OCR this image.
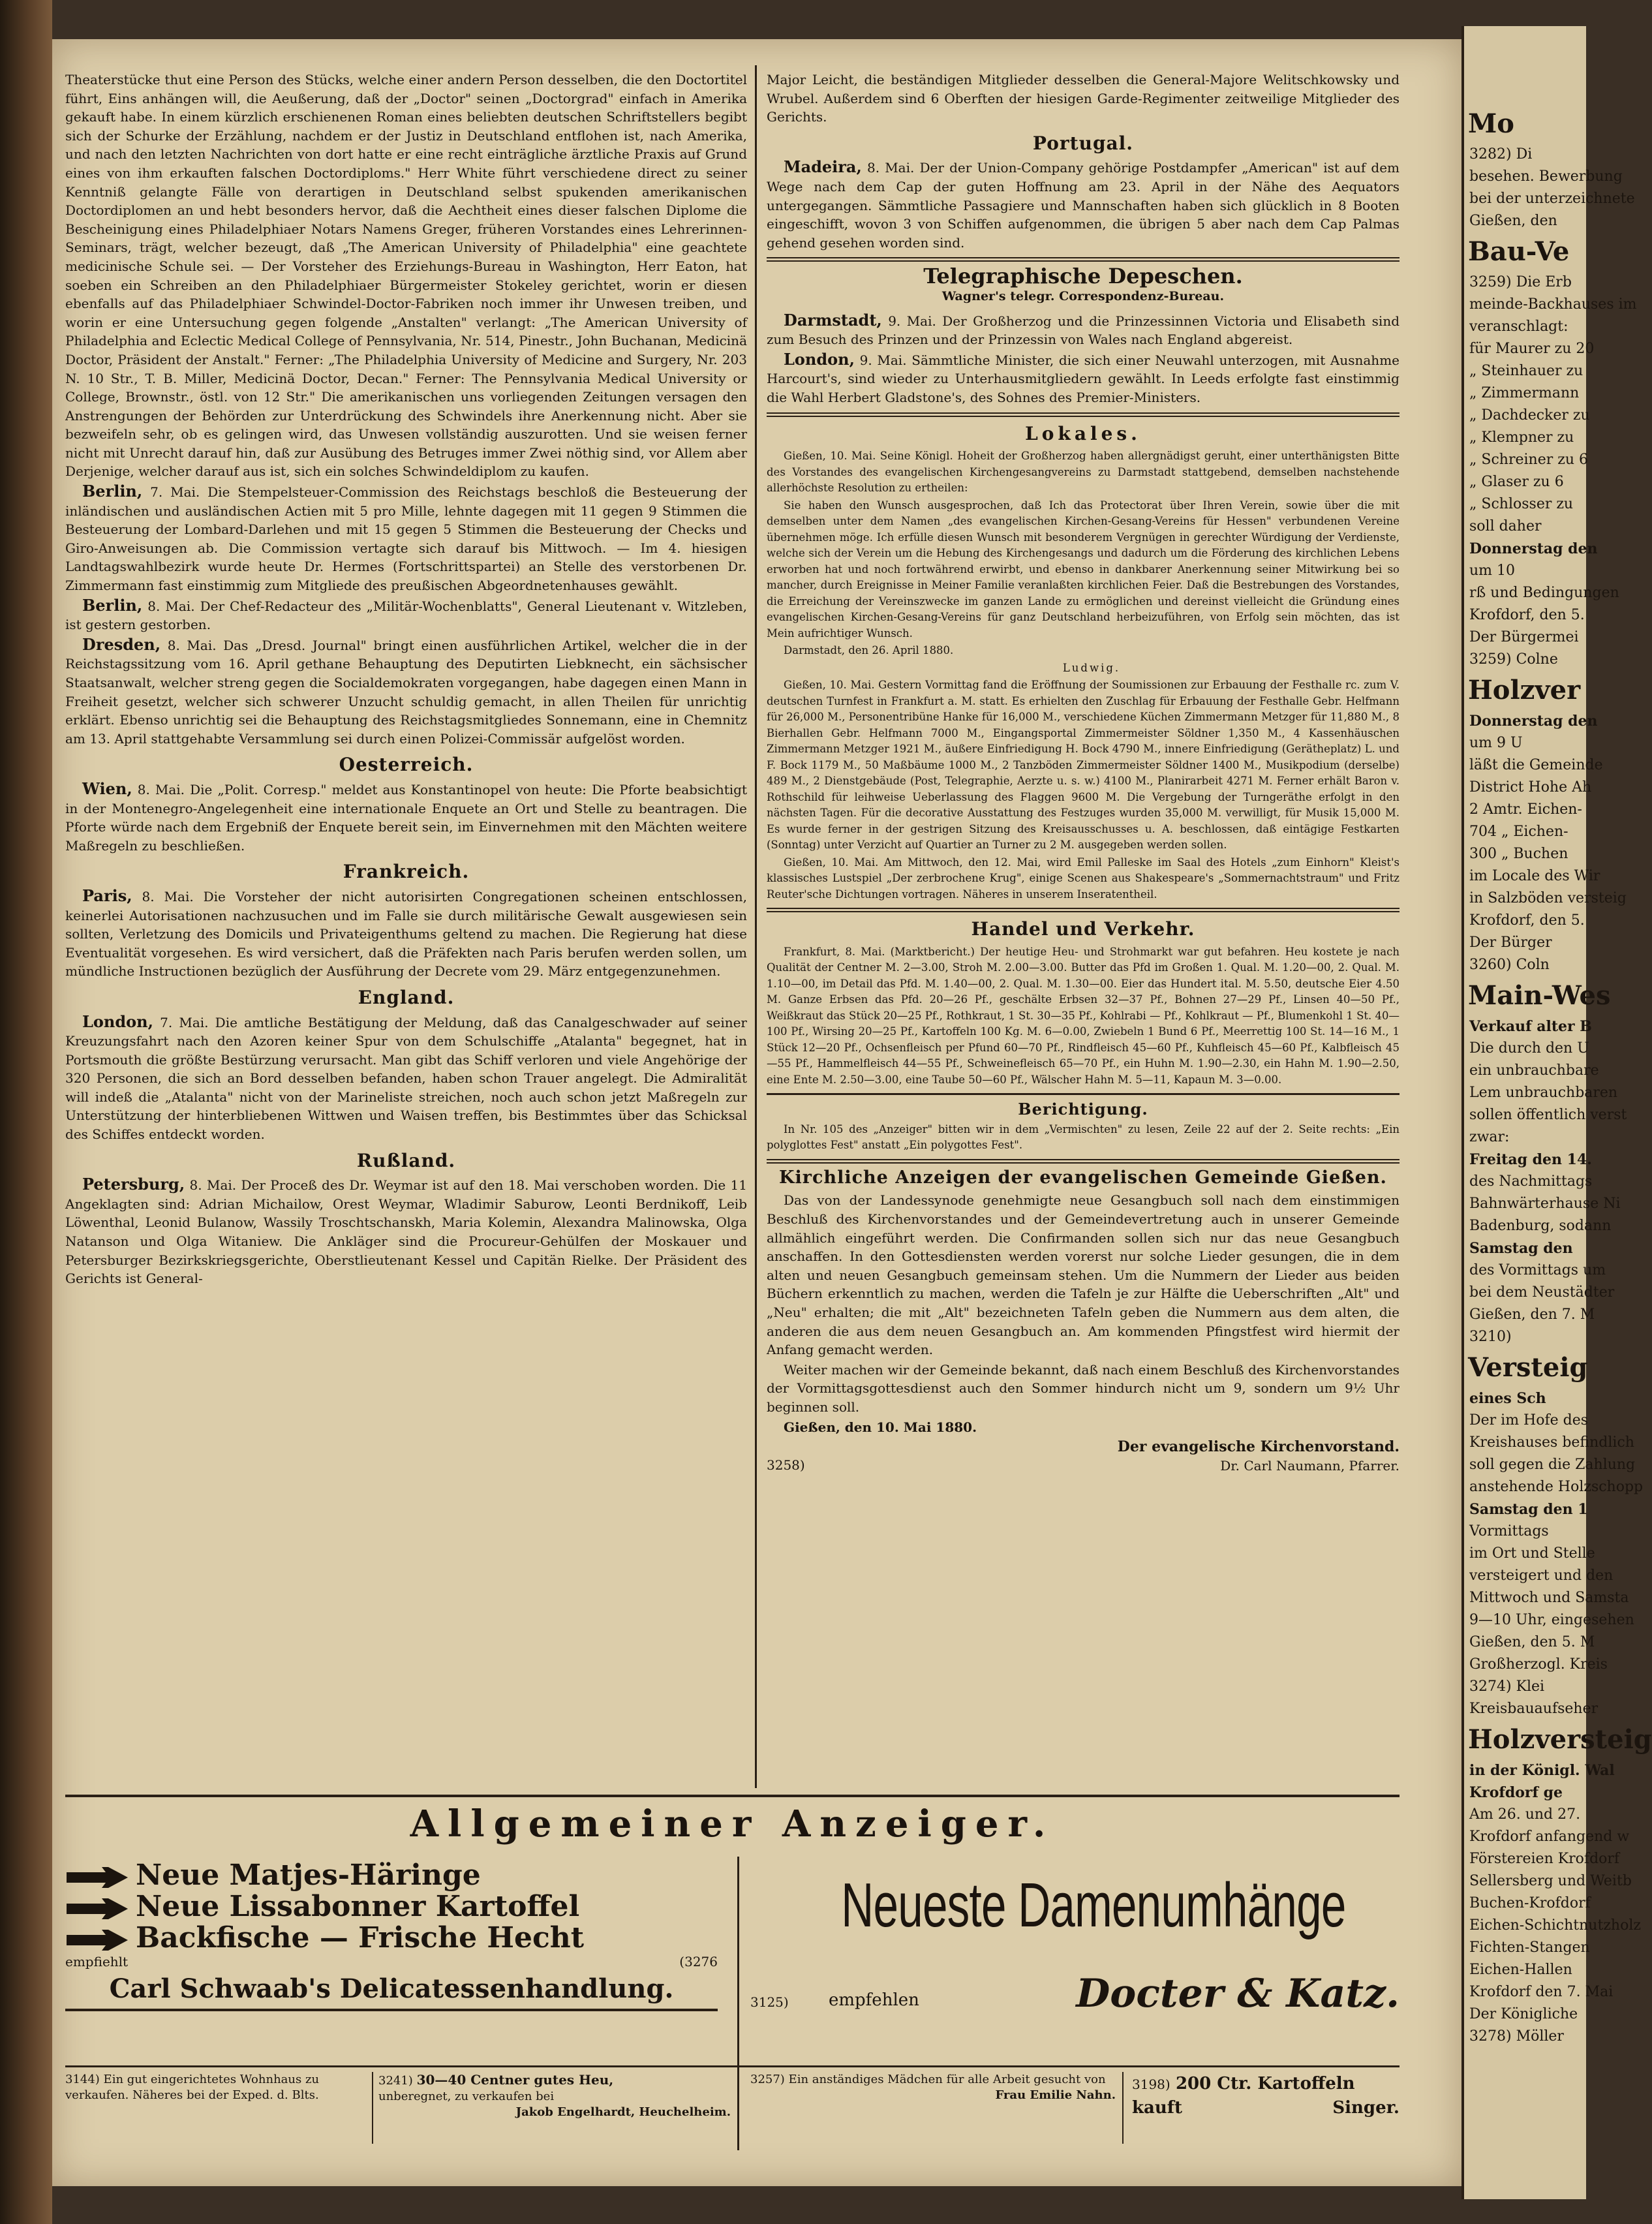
Theaterstücke thut eine Person des Stücks, welche einer andern Person desselben, die den Doctortitel führt, Eins anhängen will, die Aeußerung, daß der „Doctor" seinen „Doctorgrad" einfach in Amerika gekauft habe. In einem kürzlich erschienenen Roman eines beliebten deutschen Schriftstellers begibt sich der Schurke der Erzählung, nachdem er der Justiz in Deutschland entflohen ist, nach Amerika, und nach den letzten Nachrichten von dort hatte er eine recht einträgliche ärztliche Praxis auf Grund eines von ihm erkauften falschen Doctordiploms." Herr White führt verschiedene direct zu seiner Kenntniß gelangte Fälle von derartigen in Deutschland selbst spukenden amerikanischen Doctordiplomen an und hebt besonders hervor, daß die Aechtheit eines dieser falschen Diplome die Bescheinigung eines Philadelphiaer Notars Namens Greger, früheren Vorstandes eines Lehrerinnen-Seminars, trägt, welcher bezeugt, daß „The American University of Philadelphia" eine geachtete medicinische Schule sei. — Der Vorsteher des Erziehungs-Bureau in Washington, Herr Eaton, hat soeben ein Schreiben an den Philadelphiaer Bürgermeister Stokeley gerichtet, worin er diesen ebenfalls auf das Philadelphiaer Schwindel-Doctor-Fabriken noch immer ihr Unwesen treiben, und worin er eine Untersuchung gegen folgende „Anstalten" verlangt: „The American University of Philadelphia and Eclectic Medical College of Pennsylvania, Nr. 514, Pinestr., John Buchanan, Medicinä Doctor, Präsident der Anstalt." Ferner: „The Philadelphia University of Medicine and Surgery, Nr. 203 N. 10 Str., T. B. Miller, Medicinä Doctor, Decan." Ferner: The Pennsylvania Medical University or College, Brownstr., östl. von 12 Str." Die amerikanischen uns vorliegenden Zeitungen versagen den Anstrengungen der Behörden zur Unterdrückung des Schwindels ihre Anerkennung nicht. Aber sie bezweifeln sehr, ob es gelingen wird, das Unwesen vollständig auszurotten. Und sie weisen ferner nicht mit Unrecht darauf hin, daß zur Ausübung des Betruges immer Zwei nöthig sind, vor Allem aber Derjenige, welcher darauf aus ist, sich ein solches Schwindeldiplom zu kaufen.

Berlin, 7. Mai. Die Stempelsteuer-Commission des Reichstags beschloß die Besteuerung der inländischen und ausländischen Actien mit 5 pro Mille, lehnte dagegen mit 11 gegen 9 Stimmen die Besteuerung der Lombard-Darlehen und mit 15 gegen 5 Stimmen die Besteuerung der Checks und Giro-Anweisungen ab. Die Commission vertagte sich darauf bis Mittwoch. — Im 4. hiesigen Landtagswahlbezirk wurde heute Dr. Hermes (Fortschrittspartei) an Stelle des verstorbenen Dr. Zimmermann fast einstimmig zum Mitgliede des preußischen Abgeordnetenhauses gewählt.

Berlin, 8. Mai. Der Chef-Redacteur des „Militär-Wochenblatts", General Lieutenant v. Witzleben, ist gestern gestorben.

Dresden, 8. Mai. Das „Dresd. Journal" bringt einen ausführlichen Artikel, welcher die in der Reichstagssitzung vom 16. April gethane Behauptung des Deputirten Liebknecht, ein sächsischer Staatsanwalt, welcher streng gegen die Socialdemokraten vorgegangen, habe dagegen einen Mann in Freiheit gesetzt, welcher sich schwerer Unzucht schuldig gemacht, in allen Theilen für unrichtig erklärt. Ebenso unrichtig sei die Behauptung des Reichstagsmitgliedes Sonnemann, eine in Chemnitz am 13. April stattgehabte Versammlung sei durch einen Polizei-Commissär aufgelöst worden.

Oesterreich.

Wien, 8. Mai. Die „Polit. Corresp." meldet aus Konstantinopel von heute: Die Pforte beabsichtigt in der Montenegro-Angelegenheit eine internationale Enquete an Ort und Stelle zu beantragen. Die Pforte würde nach dem Ergebniß der Enquete bereit sein, im Einvernehmen mit den Mächten weitere Maßregeln zu beschließen.

Frankreich.

Paris, 8. Mai. Die Vorsteher der nicht autorisirten Congregationen scheinen entschlossen, keinerlei Autorisationen nachzusuchen und im Falle sie durch militärische Gewalt ausgewiesen sein sollten, Verletzung des Domicils und Privateigenthums geltend zu machen. Die Regierung hat diese Eventualität vorgesehen. Es wird versichert, daß die Präfekten nach Paris berufen werden sollen, um mündliche Instructionen bezüglich der Ausführung der Decrete vom 29. März entgegenzunehmen.

England.

London, 7. Mai. Die amtliche Bestätigung der Meldung, daß das Canalgeschwader auf seiner Kreuzungsfahrt nach den Azoren keiner Spur von dem Schulschiffe „Atalanta" begegnet, hat in Portsmouth die größte Bestürzung verursacht. Man gibt das Schiff verloren und viele Angehörige der 320 Personen, die sich an Bord desselben befanden, haben schon Trauer angelegt. Die Admiralität will indeß die „Atalanta" nicht von der Marineliste streichen, noch auch schon jetzt Maßregeln zur Unterstützung der hinterbliebenen Wittwen und Waisen treffen, bis Bestimmtes über das Schicksal des Schiffes entdeckt worden.

Rußland.

Petersburg, 8. Mai. Der Proceß des Dr. Weymar ist auf den 18. Mai verschoben worden. Die 11 Angeklagten sind: Adrian Michailow, Orest Weymar, Wladimir Saburow, Leonti Berdnikoff, Leib Löwenthal, Leonid Bulanow, Wassily Troschtschanskh, Maria Kolemin, Alexandra Malinowska, Olga Natanson und Olga Witaniew. Die Ankläger sind die Procureur-Gehülfen der Moskauer und Petersburger Bezirkskriegsgerichte, Oberstlieutenant Kessel und Capitän Rielke. Der Präsident des Gerichts ist General-

Major Leicht, die beständigen Mitglieder desselben die General-Majore Welitschkowsky und Wrubel. Außerdem sind 6 Oberften der hiesigen Garde-Regimenter zeitweilige Mitglieder des Gerichts.

Portugal.

Madeira, 8. Mai. Der der Union-Company gehörige Postdampfer „American" ist auf dem Wege nach dem Cap der guten Hoffnung am 23. April in der Nähe des Aequators untergegangen. Sämmtliche Passagiere und Mannschaften haben sich glücklich in 8 Booten eingeschifft, wovon 3 von Schiffen aufgenommen, die übrigen 5 aber nach dem Cap Palmas gehend gesehen worden sind.

Telegraphische Depeschen.
Wagner's telegr. Correspondenz-Bureau.

Darmstadt, 9. Mai. Der Großherzog und die Prinzessinnen Victoria und Elisabeth sind zum Besuch des Prinzen und der Prinzessin von Wales nach England abgereist.

London, 9. Mai. Sämmtliche Minister, die sich einer Neuwahl unterzogen, mit Ausnahme Harcourt's, sind wieder zu Unterhausmitgliedern gewählt. In Leeds erfolgte fast einstimmig die Wahl Herbert Gladstone's, des Sohnes des Premier-Ministers.

Lokales.

Gießen, 10. Mai. Seine Königl. Hoheit der Großherzog haben allergnädigst geruht, einer unterthänigsten Bitte des Vorstandes des evangelischen Kirchengesangvereins zu Darmstadt stattgebend, demselben nachstehende allerhöchste Resolution zu ertheilen:

Sie haben den Wunsch ausgesprochen, daß Ich das Protectorat über Ihren Verein, sowie über die mit demselben unter dem Namen „des evangelischen Kirchen-Gesang-Vereins für Hessen" verbundenen Vereine übernehmen möge. Ich erfülle diesen Wunsch mit besonderem Vergnügen in gerechter Würdigung der Verdienste, welche sich der Verein um die Hebung des Kirchengesangs und dadurch um die Förderung des kirchlichen Lebens erworben hat und noch fortwährend erwirbt, und ebenso in dankbarer Anerkennung seiner Mitwirkung bei so mancher, durch Ereignisse in Meiner Familie veranlaßten kirchlichen Feier. Daß die Bestrebungen des Vorstandes, die Erreichung der Vereinszwecke im ganzen Lande zu ermöglichen und dereinst vielleicht die Gründung eines evangelischen Kirchen-Gesang-Vereins für ganz Deutschland herbeizuführen, von Erfolg sein möchten, das ist Mein aufrichtiger Wunsch.

Darmstadt, den 26. April 1880.

Ludwig.

Gießen, 10. Mai. Gestern Vormittag fand die Eröffnung der Soumissionen zur Erbauung der Festhalle rc. zum V. deutschen Turnfest in Frankfurt a. M. statt. Es erhielten den Zuschlag für Erbauung der Festhalle Gebr. Helfmann für 26,000 M., Personentribüne Hanke für 16,000 M., verschiedene Küchen Zimmermann Metzger für 11,880 M., 8 Bierhallen Gebr. Helfmann 7000 M., Eingangsportal Zimmermeister Söldner 1,350 M., 4 Kassenhäuschen Zimmermann Metzger 1921 M., äußere Einfriedigung H. Bock 4790 M., innere Einfriedigung (Gerätheplatz) L. und F. Bock 1179 M., 50 Maßbäume 1000 M., 2 Tanzböden Zimmermeister Söldner 1400 M., Musikpodium (derselbe) 489 M., 2 Dienstgebäude (Post, Telegraphie, Aerzte u. s. w.) 4100 M., Planirarbeit 4271 M. Ferner erhält Baron v. Rothschild für leihweise Ueberlassung des Flaggen 9600 M. Die Vergebung der Turngeräthe erfolgt in den nächsten Tagen. Für die decorative Ausstattung des Festzuges wurden 35,000 M. verwilligt, für Musik 15,000 M. Es wurde ferner in der gestrigen Sitzung des Kreisausschusses u. A. beschlossen, daß eintägige Festkarten (Sonntag) unter Verzicht auf Quartier an Turner zu 2 M. ausgegeben werden sollen.

Gießen, 10. Mai. Am Mittwoch, den 12. Mai, wird Emil Palleske im Saal des Hotels „zum Einhorn" Kleist's klassisches Lustspiel „Der zerbrochene Krug", einige Scenen aus Shakespeare's „Sommernachtstraum" und Fritz Reuter'sche Dichtungen vortragen. Näheres in unserem Inseratentheil.

Handel und Verkehr.

Frankfurt, 8. Mai. (Marktbericht.) Der heutige Heu- und Strohmarkt war gut befahren. Heu kostete je nach Qualität der Centner M. 2—3.00, Stroh M. 2.00—3.00. Butter das Pfd im Großen 1. Qual. M. 1.20—00, 2. Qual. M. 1.10—00, im Detail das Pfd. M. 1.40—00, 2. Qual. M. 1.30—00. Eier das Hundert ital. M. 5.50, deutsche Eier 4.50 M. Ganze Erbsen das Pfd. 20—26 Pf., geschälte Erbsen 32—37 Pf., Bohnen 27—29 Pf., Linsen 40—50 Pf., Weißkraut das Stück 20—25 Pf., Rothkraut, 1 St. 30—35 Pf., Kohlrabi — Pf., Kohlkraut — Pf., Blumenkohl 1 St. 40—100 Pf., Wirsing 20—25 Pf., Kartoffeln 100 Kg. M. 6—0.00, Zwiebeln 1 Bund 6 Pf., Meerrettig 100 St. 14—16 M., 1 Stück 12—20 Pf., Ochsenfleisch per Pfund 60—70 Pf., Rindfleisch 45—60 Pf., Kuhfleisch 45—60 Pf., Kalbfleisch 45—55 Pf., Hammelfleisch 44—55 Pf., Schweinefleisch 65—70 Pf., ein Huhn M. 1.90—2.30, ein Hahn M. 1.90—2.50, eine Ente M. 2.50—3.00, eine Taube 50—60 Pf., Wälscher Hahn M. 5—11, Kapaun M. 3—0.00.

Berichtigung.

In Nr. 105 des „Anzeiger" bitten wir in dem „Vermischten" zu lesen, Zeile 22 auf der 2. Seite rechts: „Ein polyglottes Fest" anstatt „Ein polygottes Fest".

Kirchliche Anzeigen der evangelischen Gemeinde Gießen.

Das von der Landessynode genehmigte neue Gesangbuch soll nach dem einstimmigen Beschluß des Kirchenvorstandes und der Gemeindevertretung auch in unserer Gemeinde allmählich eingeführt werden. Die Confirmanden sollen sich nur das neue Gesangbuch anschaffen. In den Gottesdiensten werden vorerst nur solche Lieder gesungen, die in dem alten und neuen Gesangbuch gemeinsam stehen. Um die Nummern der Lieder aus beiden Büchern erkenntlich zu machen, werden die Tafeln je zur Hälfte die Ueberschriften „Alt" und „Neu" erhalten; die mit „Alt" bezeichneten Tafeln geben die Nummern aus dem alten, die anderen die aus dem neuen Gesangbuch an. Am kommenden Pfingstfest wird hiermit der Anfang gemacht werden.

Weiter machen wir der Gemeinde bekannt, daß nach einem Beschluß des Kirchenvorstandes der Vormittagsgottesdienst auch den Sommer hindurch nicht um 9, sondern um 9½ Uhr beginnen soll.

Gießen, den 10. Mai 1880.

3258)
Der evangelische Kirchenvorstand.
Dr. Carl Naumann, Pfarrer.
Allgemeiner Anzeiger.
Neue Matjes-Häringe
Neue Lissabonner Kartoffel
Backfische — Frische Hecht
empfiehlt	(3276
Carl Schwaab's Delicatessenhandlung.
Neueste Damenumhänge
3125) empfehlen	Docter & Katz.
3144) Ein gut eingerichtetes Wohnhaus zu verkaufen. Näheres bei der Exped. d. Blts.
3241) 30—40 Centner gutes Heu,
unberegnet, zu verkaufen bei

Jakob Engelhardt, Heuchelheim.
3257) Ein anständiges Mädchen für alle Arbeit gesucht von

Frau Emilie Nahn.
3198) 200 Ctr. Kartoffeln
kauft	Singer.
Mo
3282) Di
besehen. Bewerbung
bei der unterzeichnete
Gießen, den
Bau-Ve
3259) Die Erb
meinde-Backhauses im
veranschlagt:
für Maurer zu 20
„ Steinhauer zu
„ Zimmermann
„ Dachdecker zu
„ Klempner zu
„ Schreiner zu 6
„ Glaser zu 6
„ Schlosser zu
soll daher
Donnerstag den
um 10
rß und Bedingungen
Krofdorf, den 5.
Der Bürgermei
3259) Colne
Holzver
Donnerstag den
um 9 U
läßt die Gemeinde
District Hohe Ah
2 Amtr. Eichen-
704 „ Eichen-
300 „ Buchen
im Locale des Wir
in Salzböden versteig
Krofdorf, den 5.
Der Bürger
3260) Coln
Main-Wes
Verkauf alter B
Die durch den U
ein unbrauchbare
Lem unbrauchbaren
sollen öffentlich verst
zwar:
Freitag den 14.
des Nachmittags
Bahnwärterhause Ni
Badenburg, sodann
Samstag den
des Vormittags um
bei dem Neustädter
Gießen, den 7. M
3210)
Versteig
eines Sch
Der im Hofe des
Kreishauses befindlich
soll gegen die Zahlung
anstehende Holzschopp
Samstag den 1
Vormittags
im Ort und Stelle
versteigert und den
Mittwoch und Samsta
9—10 Uhr, eingesehen
Gießen, den 5. M
Großherzogl. Kreis
3274) Klei
Kreisbauaufseher
Holzversteig
in der Königl. Wal
Krofdorf ge
Am 26. und 27.
Krofdorf anfangend w
Förstereien Krofdorf
Sellersberg und Weitb
Buchen-Krofdorf
Eichen-Schichtnutzholz
Fichten-Stangen
Eichen-Hallen
Krofdorf den 7. Mai
Der Königliche
3278) Möller
